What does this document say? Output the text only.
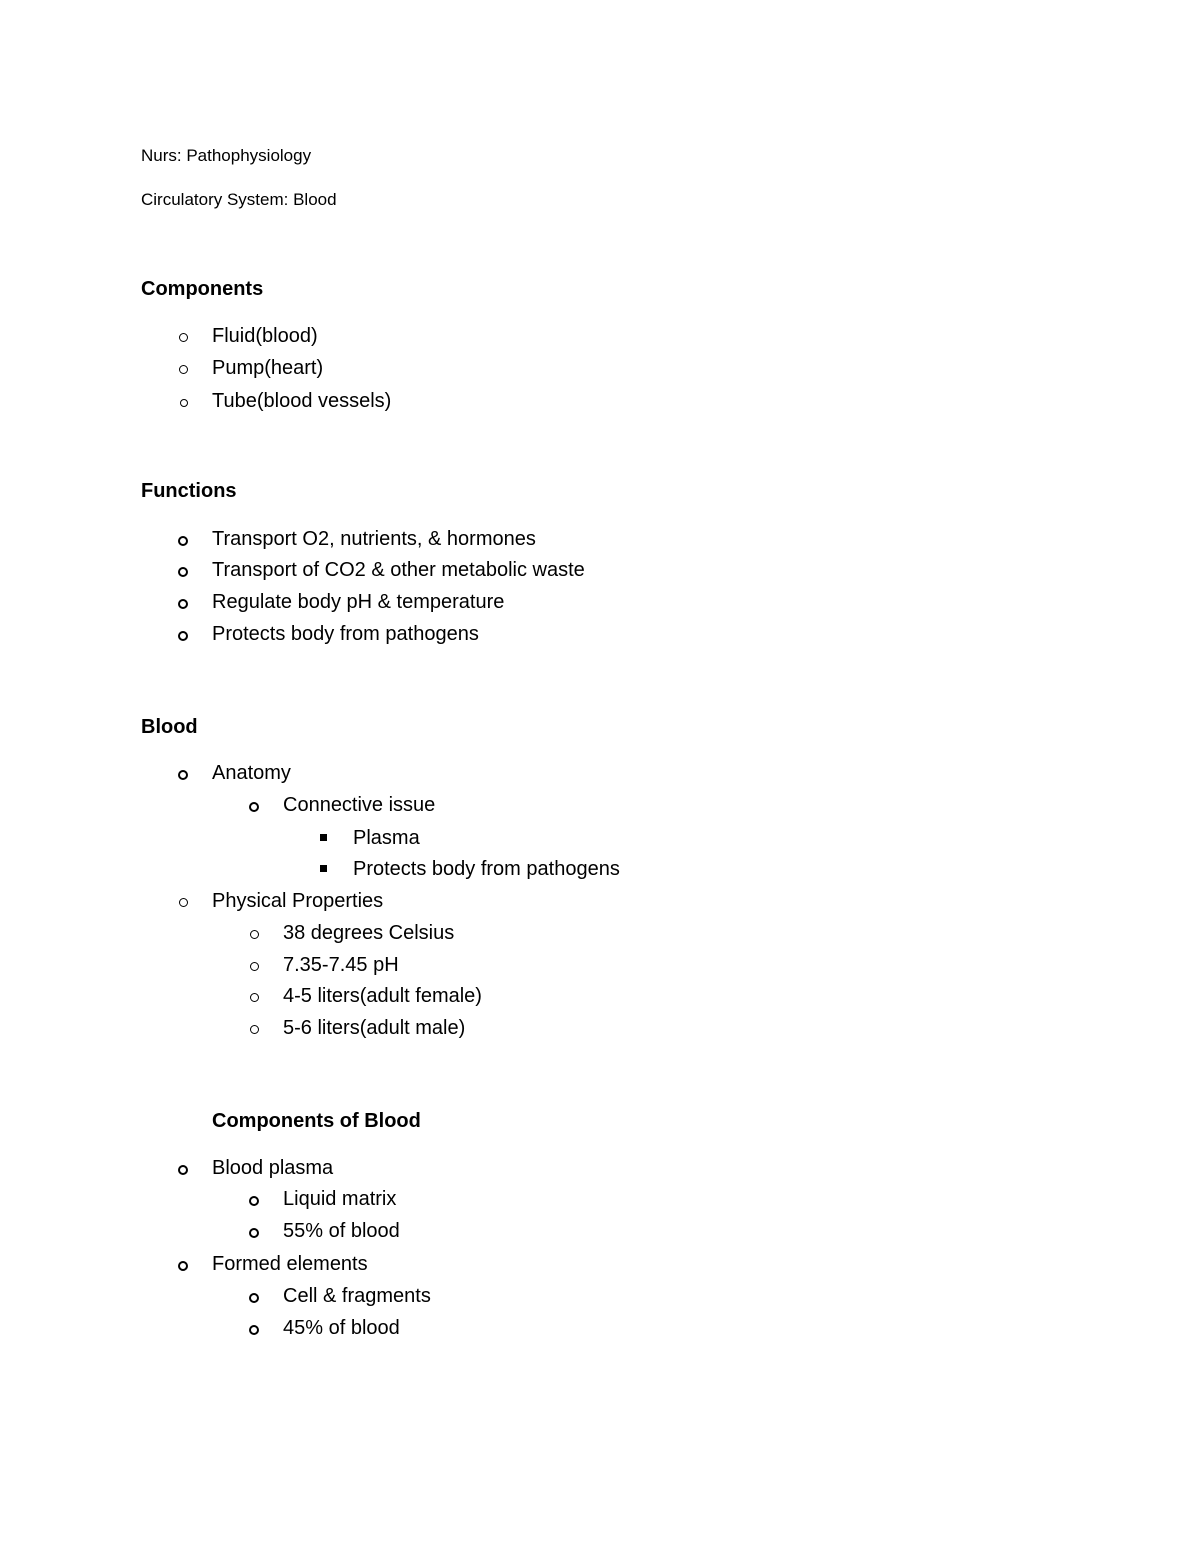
Nurs: Pathophysiology
Circulatory System: Blood
Components
Fluid(blood)
Pump(heart)
Tube(blood vessels)
Functions
Transport O2, nutrients, & hormones
Transport of CO2 & other metabolic waste
Regulate body pH & temperature
Protects body from pathogens
Blood
Anatomy
Connective issue
Plasma
Protects body from pathogens
Physical Properties
38 degrees Celsius
7.35-7.45 pH
4-5 liters(adult female)
5-6 liters(adult male)
Components of Blood
Blood plasma
Liquid matrix
55% of blood
Formed elements
Cell & fragments
45% of blood
